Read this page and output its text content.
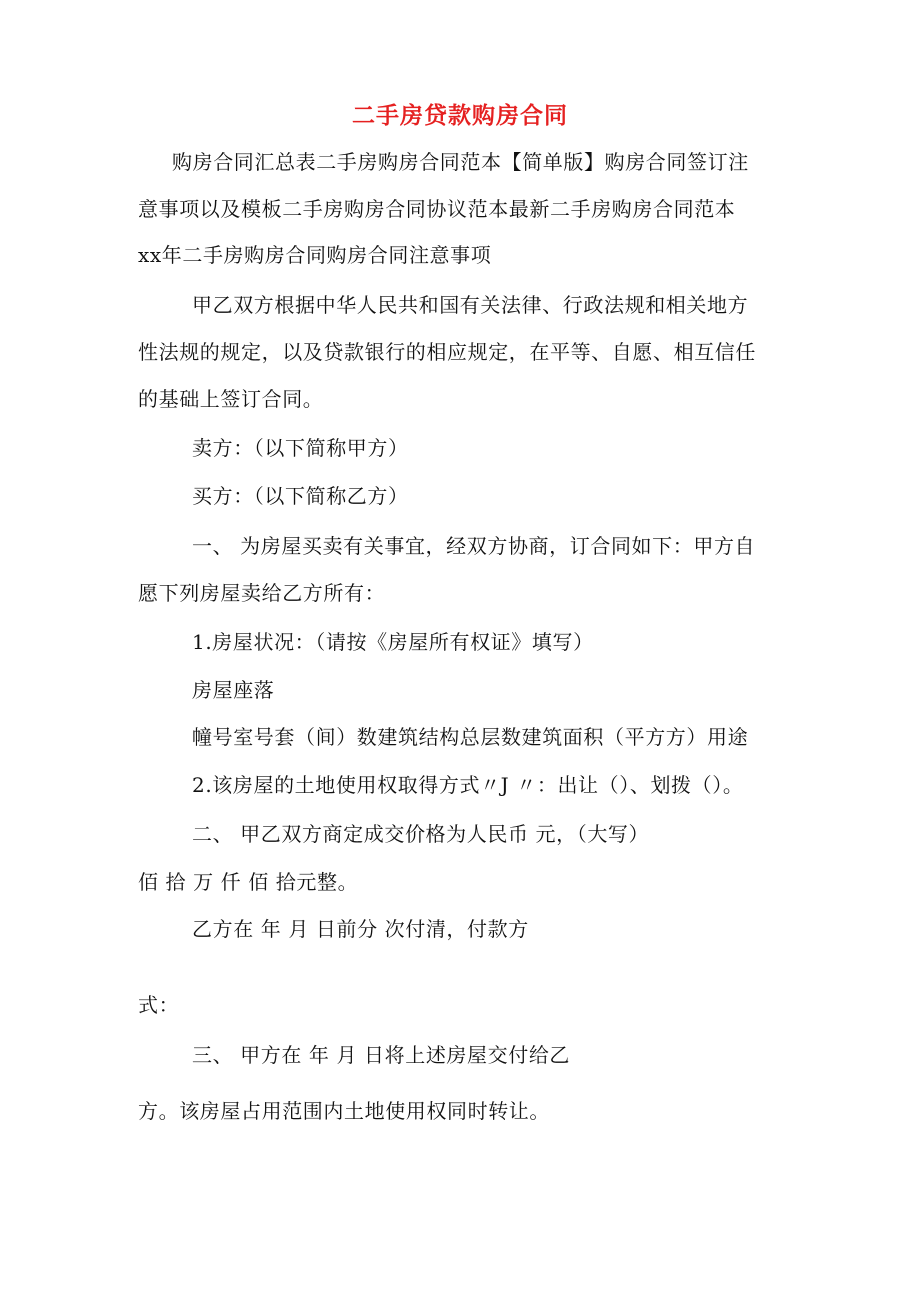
二手房贷款购房合同
购房合同汇总表二手房购房合同范本【简单版】购房合同签订注
意事项以及模板二手房购房合同协议范本最新二手房购房合同范本
xx年二手房购房合同购房合同注意事项
甲乙双方根据中华人民共和国有关法律、行政法规和相关地方
性法规的规定，以及贷款银行的相应规定，在平等、自愿、相互信任
的基础上签订合同。
卖方：（以下简称甲方）
买方：（以下简称乙方）
一、 为房屋买卖有关事宜，经双方协商，订合同如下：甲方自
愿下列房屋卖给乙方所有：
1.房屋状况：（请按《房屋所有权证》填写）
房屋座落
幢号室号套（间）数建筑结构总层数建筑面积（平方方）用途
2.该房屋的土地使用权取得方式〃J 〃：出让（）、划拨（）。
二、 甲乙双方商定成交价格为人民币 元，（大写）
佰 拾 万 仟 佰 拾元整。
乙方在 年 月 日前分 次付清，付款方
式：
三、 甲方在 年 月 日将上述房屋交付给乙
方。该房屋占用范围内土地使用权同时转让。
